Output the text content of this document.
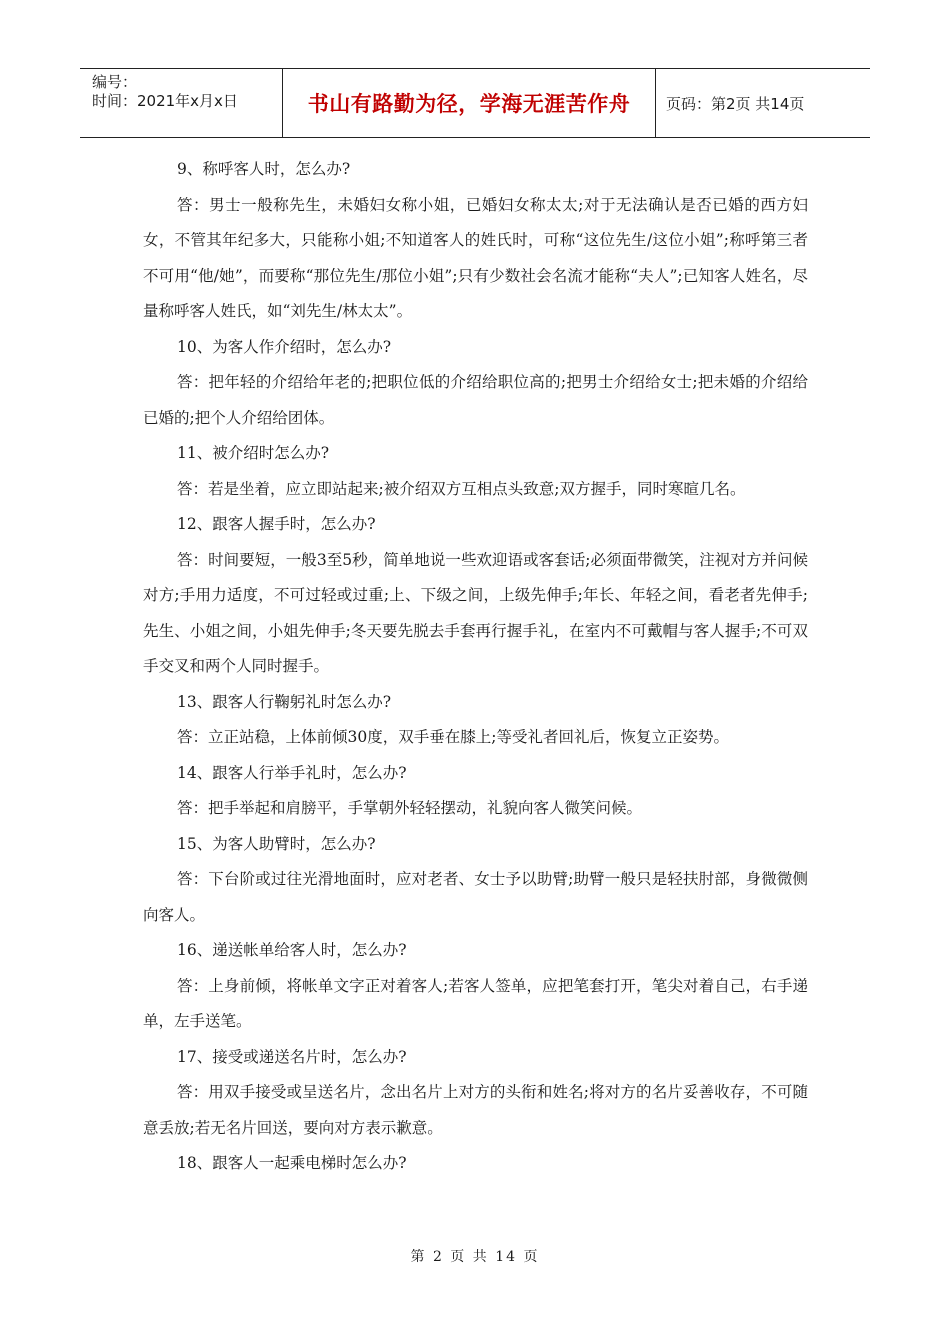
编号：
时间：2021年x月x日	书山有路勤为径，学海无涯苦作舟 页码：第2页 共14页

9、称呼客人时，怎么办?

答：男士一般称先生，未婚妇女称小姐，已婚妇女称太太;对于无法确认是否已婚的西方妇女，不管其年纪多大，只能称小姐;不知道客人的姓氏时，可称“这位先生/这位小姐”;称呼第三者不可用“他/她”，而要称“那位先生/那位小姐”;只有少数社会名流才能称“夫人”;已知客人姓名，尽量称呼客人姓氏，如“刘先生/林太太”。

10、为客人作介绍时，怎么办?

答：把年轻的介绍给年老的;把职位低的介绍给职位高的;把男士介绍给女士;把未婚的介绍给已婚的;把个人介绍给团体。

11、被介绍时怎么办?

答：若是坐着，应立即站起来;被介绍双方互相点头致意;双方握手，同时寒暄几名。

12、跟客人握手时，怎么办?

答：时间要短，一般3至5秒，简单地说一些欢迎语或客套话;必须面带微笑，注视对方并问候对方;手用力适度，不可过轻或过重;上、下级之间，上级先伸手;年长、年轻之间，看老者先伸手;先生、小姐之间，小姐先伸手;冬天要先脱去手套再行握手礼，在室内不可戴帽与客人握手;不可双手交叉和两个人同时握手。

13、跟客人行鞠躬礼时怎么办?

答：立正站稳，上体前倾30度，双手垂在膝上;等受礼者回礼后，恢复立正姿势。

14、跟客人行举手礼时，怎么办?

答：把手举起和肩膀平，手掌朝外轻轻摆动，礼貌向客人微笑问候。

15、为客人助臂时，怎么办?

答：下台阶或过往光滑地面时，应对老者、女士予以助臂;助臂一般只是轻扶肘部，身微微侧向客人。

16、递送帐单给客人时，怎么办?

答：上身前倾，将帐单文字正对着客人;若客人签单，应把笔套打开，笔尖对着自己，右手递单，左手送笔。

17、接受或递送名片时，怎么办?

答：用双手接受或呈送名片，念出名片上对方的头衔和姓名;将对方的名片妥善收存，不可随意丢放;若无名片回送，要向对方表示歉意。

18、跟客人一起乘电梯时怎么办?

第 2 页 共 14 页
